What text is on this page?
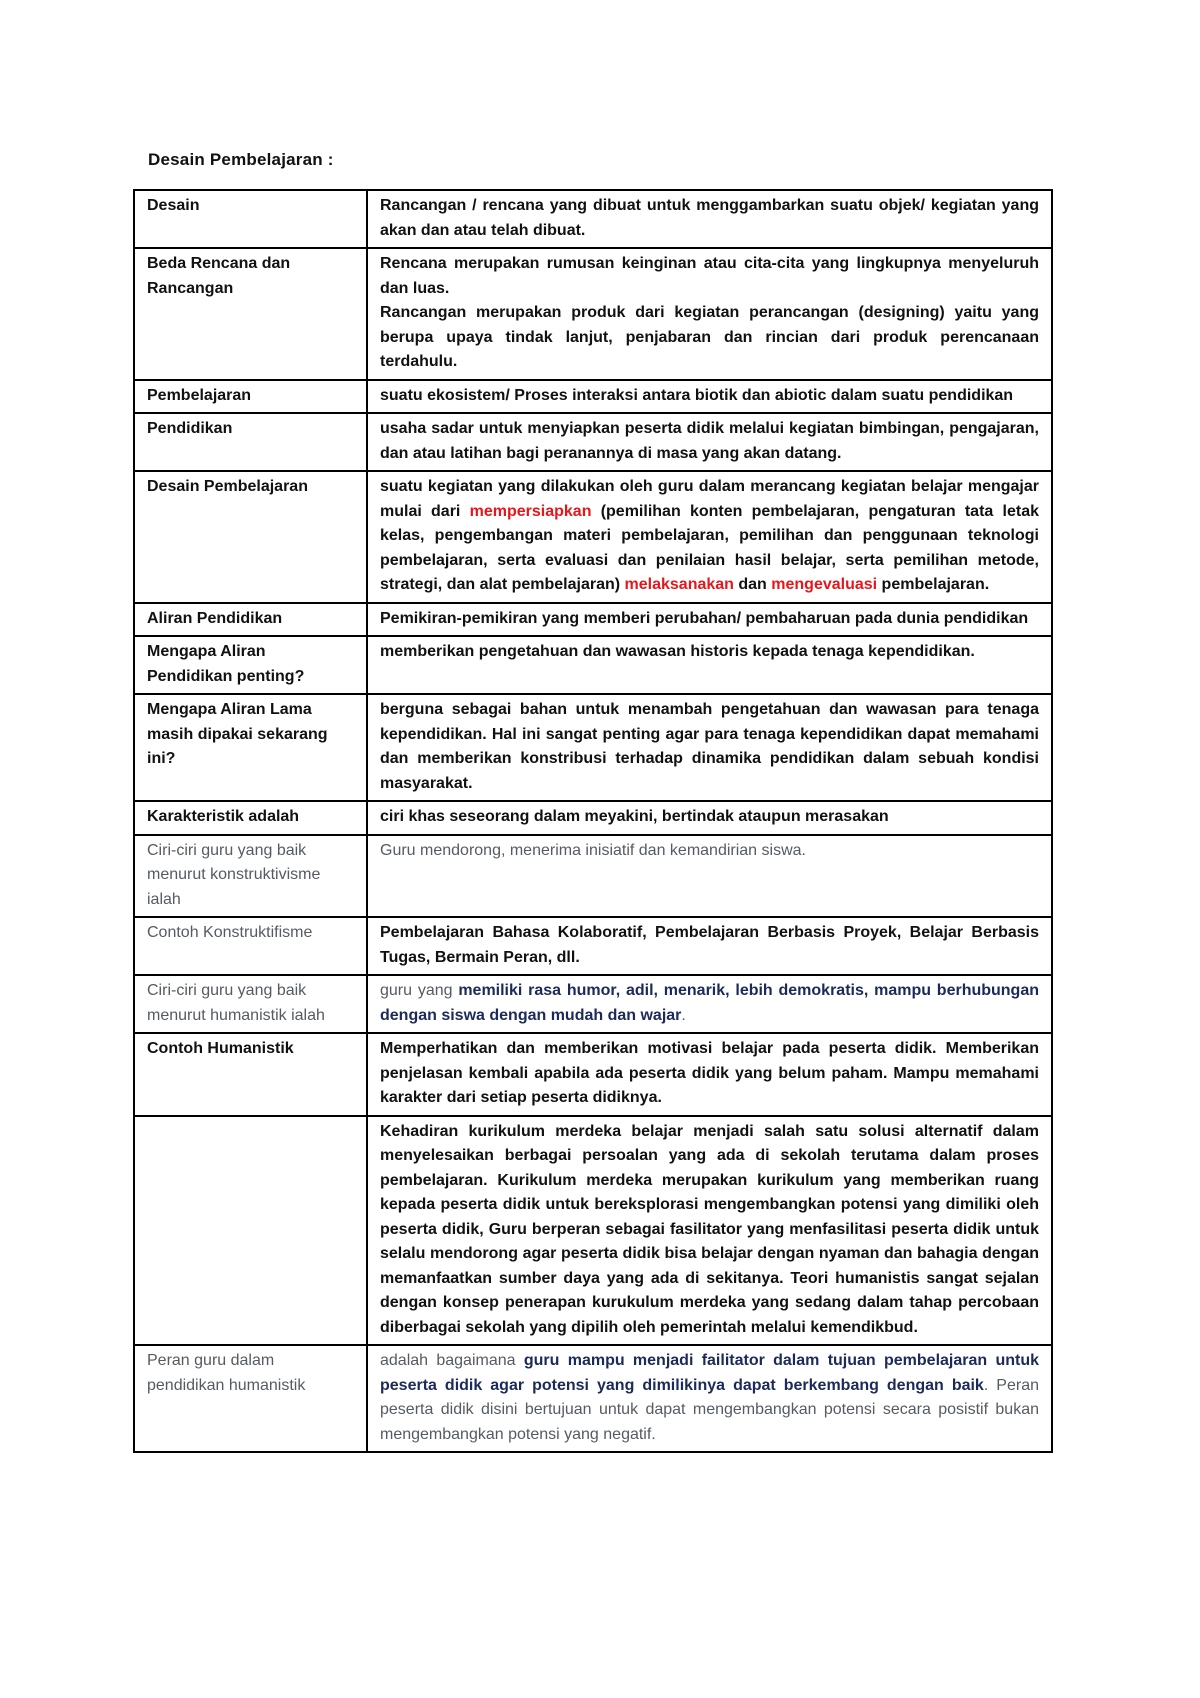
Desain Pembelajaran :
Desain	Rancangan / rencana yang dibuat untuk menggambarkan suatu objek/ kegiatan yang akan dan atau telah dibuat.
Beda Rencana dan Rancangan	Rencana merupakan rumusan keinginan atau cita-cita yang lingkupnya menyeluruh dan luas.
Rancangan merupakan produk dari kegiatan perancangan (designing) yaitu yang berupa upaya tindak lanjut, penjabaran dan rincian dari produk perencanaan terdahulu.

Pembelajaran	suatu ekosistem/ Proses interaksi antara biotik dan abiotic dalam suatu pendidikan
Pendidikan	usaha sadar untuk menyiapkan peserta didik melalui kegiatan bimbingan, pengajaran, dan atau latihan bagi peranannya di masa yang akan datang.
Desain Pembelajaran	suatu kegiatan yang dilakukan oleh guru dalam merancang kegiatan belajar mengajar mulai dari mempersiapkan (pemilihan konten pembelajaran, pengaturan tata letak kelas, pengembangan materi pembelajaran, pemilihan dan penggunaan teknologi pembelajaran, serta evaluasi dan penilaian hasil belajar, serta pemilihan metode, strategi, dan alat pembelajaran) melaksanakan dan mengevaluasi pembelajaran.
Aliran Pendidikan	Pemikiran-pemikiran yang memberi perubahan/ pembaharuan pada dunia pendidikan
Mengapa Aliran Pendidikan penting?	memberikan pengetahuan dan wawasan historis kepada tenaga kependidikan.
Mengapa Aliran Lama masih dipakai sekarang ini?	berguna sebagai bahan untuk menambah pengetahuan dan wawasan para tenaga kependidikan. Hal ini sangat penting agar para tenaga kependidikan dapat memahami dan memberikan konstribusi terhadap dinamika pendidikan dalam sebuah kondisi masyarakat.
Karakteristik adalah	ciri khas seseorang dalam meyakini, bertindak ataupun merasakan
Ciri-ciri guru yang baik menurut konstruktivisme ialah	Guru mendorong, menerima inisiatif dan kemandirian siswa.
Contoh Konstruktifisme	Pembelajaran Bahasa Kolaboratif, Pembelajaran Berbasis Proyek, Belajar Berbasis Tugas, Bermain Peran, dll.
Ciri-ciri guru yang baik menurut humanistik ialah	guru yang memiliki rasa humor, adil, menarik, lebih demokratis, mampu berhubungan dengan siswa dengan mudah dan wajar.
Contoh Humanistik	Memperhatikan dan memberikan motivasi belajar pada peserta didik. Memberikan penjelasan kembali apabila ada peserta didik yang belum paham. Mampu memahami karakter dari setiap peserta didiknya.
	Kehadiran kurikulum merdeka belajar menjadi salah satu solusi alternatif dalam menyelesaikan berbagai persoalan yang ada di sekolah terutama dalam proses pembelajaran. Kurikulum merdeka merupakan kurikulum yang memberikan ruang kepada peserta didik untuk bereksplorasi mengembangkan potensi yang dimiliki oleh peserta didik, Guru berperan sebagai fasilitator yang menfasilitasi peserta didik untuk selalu mendorong agar peserta didik bisa belajar dengan nyaman dan bahagia dengan memanfaatkan sumber daya yang ada di sekitanya. Teori humanistis sangat sejalan dengan konsep penerapan kurukulum merdeka yang sedang dalam tahap percobaan diberbagai sekolah yang dipilih oleh pemerintah melalui kemendikbud.
Peran guru dalam pendidikan humanistik	adalah bagaimana guru mampu menjadi failitator dalam tujuan pembelajaran untuk peserta didik agar potensi yang dimilikinya dapat berkembang dengan baik. Peran peserta didik disini bertujuan untuk dapat mengembangkan potensi secara posistif bukan mengembangkan potensi yang negatif.
